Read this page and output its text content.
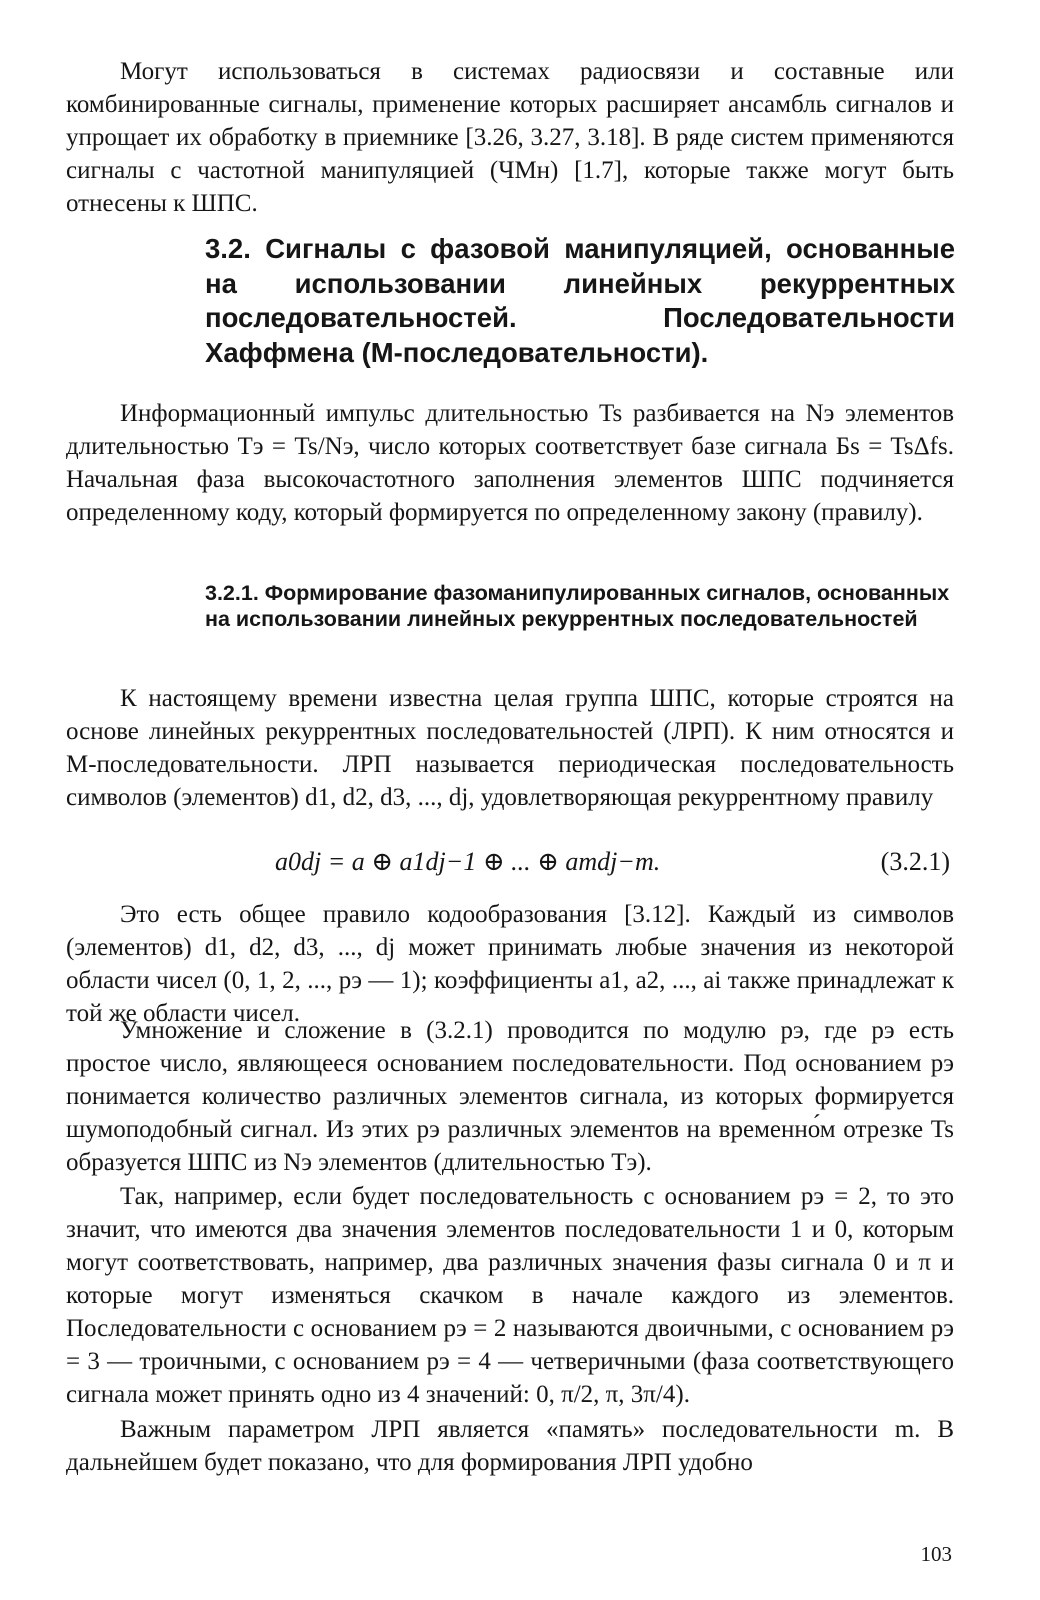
Могут использоваться в системах радиосвязи и составные или комбинированные сигналы, применение которых расширяет ансамбль сигналов и упрощает их обработку в приемнике [3.26, 3.27, 3.18]. В ряде систем применяются сигналы с частотной манипуляцией (ЧМн) [1.7], которые также могут быть отнесены к ШПС.

3.2. Сигналы с фазовой манипуляцией, основанные на использовании линейных рекуррентных последовательностей. Последовательности Хаффмена (M-последовательности).

Информационный импульс длительностью Ts разбивается на Nэ элементов длительностью Tэ = Ts/Nэ, число которых соответствует базе сигнала Бs = TsΔfs. Начальная фаза высокочастотного заполнения элементов ШПС подчиняется определенному коду, который формируется по определенному закону (правилу).

3.2.1. Формирование фазоманипулированных сигналов, основанных на использовании линейных рекуррентных последовательностей

К настоящему времени известна целая группа ШПС, которые строятся на основе линейных рекуррентных последовательностей (ЛРП). К ним относятся и M-последовательности. ЛРП называется периодическая последовательность символов (элементов) d1, d2, d3, ..., dj, удовлетворяющая рекуррентному правилу

a0dj = a ⊕ a1dj−1 ⊕ ... ⊕ amdj−m.	(3.2.1)

Это есть общее правило кодообразования [3.12]. Каждый из символов (элементов) d1, d2, d3, ..., dj может принимать любые значения из некоторой области чисел (0, 1, 2, ..., pэ — 1); коэффициенты a1, a2, ..., ai также принадлежат к той же области чисел.

Умножение и сложение в (3.2.1) проводится по модулю pэ, где pэ есть простое число, являющееся основанием последовательности. Под основанием pэ понимается количество различных элементов сигнала, из которых формируется шумоподобный сигнал. Из этих pэ различных элементов на временно́м отрезке Ts образуется ШПС из Nэ элементов (длительностью Tэ).

Так, например, если будет последовательность с основанием pэ = 2, то это значит, что имеются два значения элементов последовательности 1 и 0, которым могут соответствовать, например, два различных значения фазы сигнала 0 и π и которые могут изменяться скачком в начале каждого из элементов. Последовательности с основанием pэ = 2 называются двоичными, с основанием pэ = 3 — троичными, с основанием pэ = 4 — четверичными (фаза соответствующего сигнала может принять одно из 4 значений: 0, π/2, π, 3π/4).

Важным параметром ЛРП является «память» последовательности m. В дальнейшем будет показано, что для формирования ЛРП удобно

103
